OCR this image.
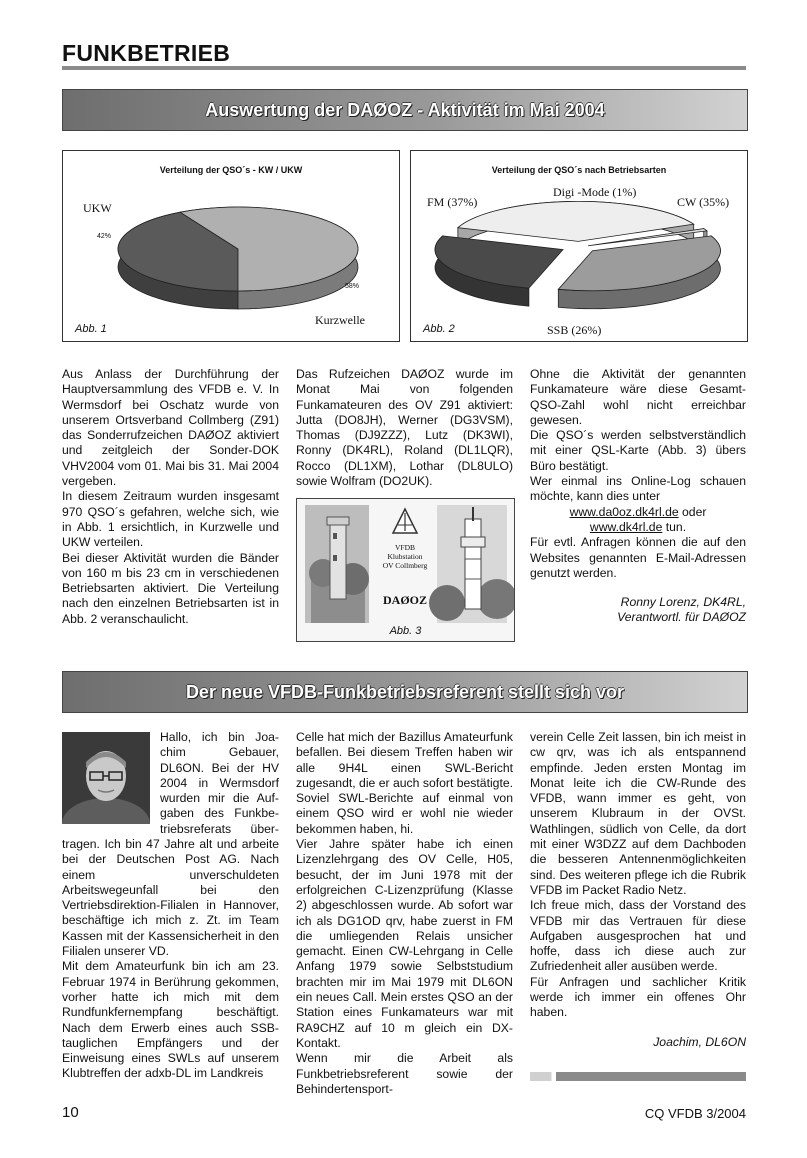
FUNKBETRIEB
Auswertung der DAØOZ - Aktivität im Mai 2004
Verteilung der QSO´s - KW / UKW
UKW
42%
58%
Kurzwelle
Abb. 1
Verteilung der QSO´s nach Betriebsarten
FM (37%)
Digi -Mode (1%)
CW (35%)
SSB (26%)
Abb. 2

Aus Anlass der Durchführung der Hauptversammlung des VFDB e. V. In Wermsdorf bei Oschatz wurde von unserem Ortsverband Collmberg (Z91) das Sonderrufzeichen DAØOZ aktiviert und zeitgleich der Sonder-DOK VHV2004 vom 01. Mai bis 31. Mai 2004 vergeben.

In diesem Zeitraum wurden insgesamt 970 QSO´s gefahren, welche sich, wie in Abb. 1 ersichtlich, in Kurzwelle und UKW verteilen.

Bei dieser Aktivität wurden die Bänder von 160 m bis 23 cm in verschiedenen Betriebsarten aktiviert. Die Verteilung nach den einzelnen Betriebsarten ist in Abb. 2 veranschaulicht.

Das Rufzeichen DAØOZ wurde im Monat Mai von folgenden Funkamateuren des OV Z91 aktiviert: Jutta (DO8JH), Werner (DG3VSM), Thomas (DJ9ZZZ), Lutz (DK3WI), Ronny (DK4RL), Roland (DL1LQR), Rocco (DL1XM), Lothar (DL8ULO) sowie Wolfram (DO2UK).

VFDB
Klubstation
OV Collmberg
DAØOZ
Abb. 3

Ohne die Aktivität der genannten Funkamateure wäre diese Gesamt-QSO-Zahl wohl nicht erreichbar gewesen.

Die QSO´s werden selbstverständlich mit einer QSL-Karte (Abb. 3) übers Büro bestätigt.

Wer einmal ins Online-Log schauen möchte, kann dies unter

www.da0oz.dk4rl.de oder

www.dk4rl.de tun.

Für evtl. Anfragen können die auf den Websites genannten E-Mail-Adressen genutzt werden.

Ronny Lorenz, DK4RL,
Verantwortl. für DAØOZ
Der neue VFDB-Funkbetriebsreferent stellt sich vor
Hallo, ich bin Joa-
chim Gebauer,
DL6ON. Bei der HV
2004 in Wermsdorf
wurden mir die Auf-
gaben des Funkbe-
triebsreferats über-

tragen. Ich bin 47 Jahre alt und arbeite bei der Deutschen Post AG. Nach einem unverschuldeten Arbeitswegeunfall bei den Vertriebsdirektion-Filialen in Hannover, beschäftige ich mich z. Zt. im Team Kassen mit der Kassensicherheit in den Filialen unserer VD.

Mit dem Amateurfunk bin ich am 23. Februar 1974 in Berührung gekommen, vorher hatte ich mich mit dem Rundfunkfernempfang beschäftigt. Nach dem Erwerb eines auch SSB-tauglichen Empfängers und der Einweisung eines SWLs auf unserem Klubtreffen der adxb-DL im Landkreis

Celle hat mich der Bazillus Amateurfunk befallen. Bei diesem Treffen haben wir alle 9H4L einen SWL-Bericht zugesandt, die er auch sofort bestätigte. Soviel SWL-Berichte auf einmal von einem QSO wird er wohl nie wieder bekommen haben, hi.

Vier Jahre später habe ich einen Lizenzlehrgang des OV Celle, H05, besucht, der im Juni 1978 mit der erfolgreichen C-Lizenzprüfung (Klasse 2) abgeschlossen wurde. Ab sofort war ich als DG1OD qrv, habe zuerst in FM die umliegenden Relais unsicher gemacht. Einen CW-Lehrgang in Celle Anfang 1979 sowie Selbststudium brachten mir im Mai 1979 mit DL6ON ein neues Call. Mein erstes QSO an der Station eines Funkamateurs war mit RA9CHZ auf 10 m gleich ein DX-Kontakt.

Wenn mir die Arbeit als Funkbetriebsreferent sowie der Behindertensport-

verein Celle Zeit lassen, bin ich meist in cw qrv, was ich als entspannend empfinde. Jeden ersten Montag im Monat leite ich die CW-Runde des VFDB, wann immer es geht, von unserem Klubraum in der OVSt. Wathlingen, südlich von Celle, da dort mit einer W3DZZ auf dem Dachboden die besseren Antennenmöglichkeiten sind. Des weiteren pflege ich die Rubrik VFDB im Packet Radio Netz.

Ich freue mich, dass der Vorstand des VFDB mir das Vertrauen für diese Aufgaben ausgesprochen hat und hoffe, dass ich diese auch zur Zufriedenheit aller ausüben werde.

Für Anfragen und sachlicher Kritik werde ich immer ein offenes Ohr haben.

Joachim, DL6ON
10	CQ VFDB 3/2004
